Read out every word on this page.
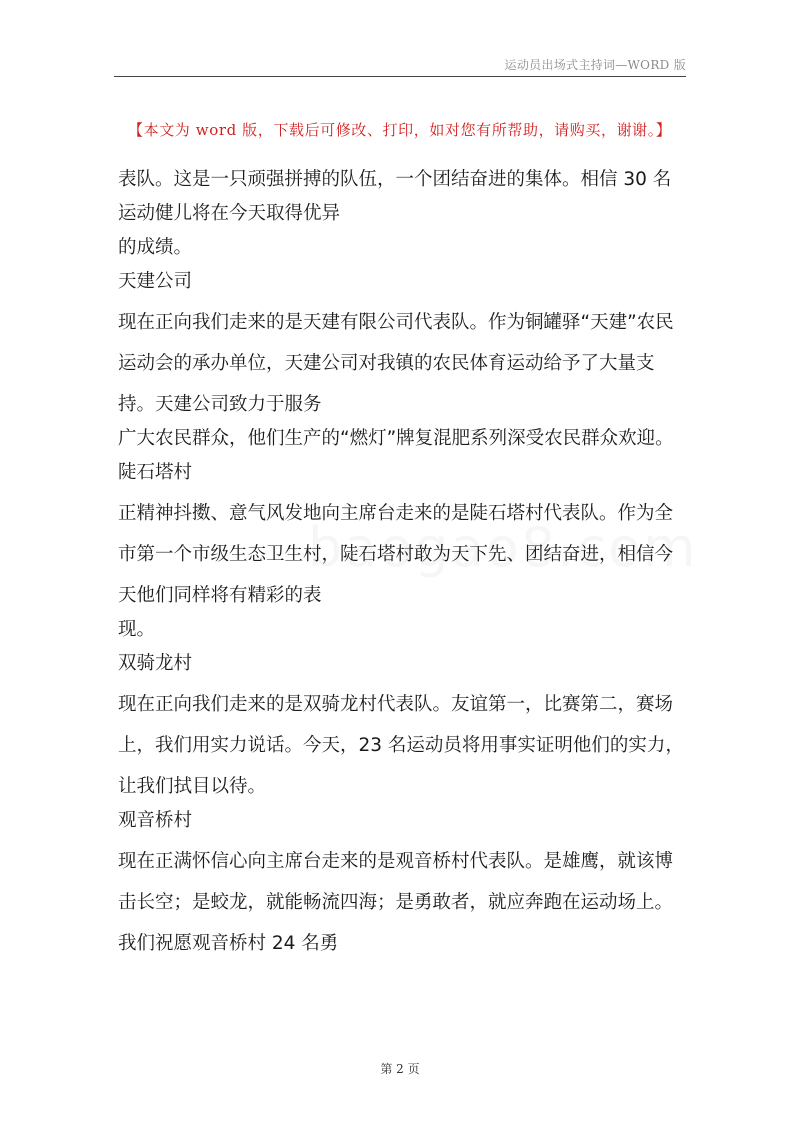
运动员出场式主持词—WORD 版
【本文为 word 版，下载后可修改、打印，如对您有所帮助，请购买，谢谢。】
表队。这是一只顽强拼搏的队伍，一个团结奋进的集体。相信 30 名
运动健儿将在今天取得优异
的成绩。
天建公司
现在正向我们走来的是天建有限公司代表队。作为铜罐驿“天建”农民
运动会的承办单位，天建公司对我镇的农民体育运动给予了大量支
持。天建公司致力于服务
广大农民群众，他们生产的“燃灯”牌复混肥系列深受农民群众欢迎。
陡石塔村
正精神抖擞、意气风发地向主席台走来的是陡石塔村代表队。作为全
市第一个市级生态卫生村，陡石塔村敢为天下先、团结奋进，相信今
天他们同样将有精彩的表
现。
双骑龙村
现在正向我们走来的是双骑龙村代表队。友谊第一，比赛第二，赛场
上，我们用实力说话。今天，23 名运动员将用事实证明他们的实力，
让我们拭目以待。
观音桥村
现在正满怀信心向主席台走来的是观音桥村代表队。是雄鹰，就该博
击长空；是蛟龙，就能畅流四海；是勇敢者，就应奔跑在运动场上。
我们祝愿观音桥村 24 名勇
第 2 页
